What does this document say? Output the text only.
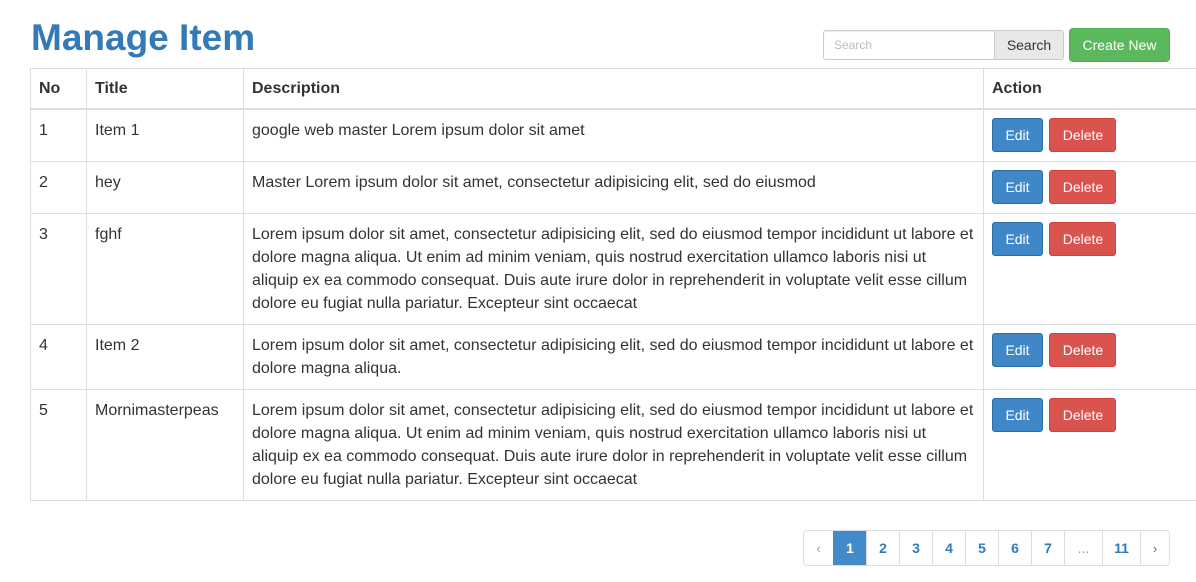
Manage Item
Search	Search	Create New
No	Title	Description	Action
1	Item 1	google web master Lorem ipsum dolor sit amet	Edit Delete
2	hey	Master Lorem ipsum dolor sit amet, consectetur adipisicing elit, sed do eiusmod	Edit Delete
3	fghf	Lorem ipsum dolor sit amet, consectetur adipisicing elit, sed do eiusmod tempor incididunt ut labore et dolore magna aliqua. Ut enim ad minim veniam, quis nostrud exercitation ullamco laboris nisi ut aliquip ex ea commodo consequat. Duis aute irure dolor in reprehenderit in voluptate velit esse cillum dolore eu fugiat nulla pariatur. Excepteur sint occaecat	Edit Delete
4	Item 2	Lorem ipsum dolor sit amet, consectetur adipisicing elit, sed do eiusmod tempor incididunt ut labore et dolore magna aliqua.	Edit Delete
5	Mornimasterpeas	Lorem ipsum dolor sit amet, consectetur adipisicing elit, sed do eiusmod tempor incididunt ut labore et dolore magna aliqua. Ut enim ad minim veniam, quis nostrud exercitation ullamco laboris nisi ut aliquip ex ea commodo consequat. Duis aute irure dolor in reprehenderit in voluptate velit esse cillum dolore eu fugiat nulla pariatur. Excepteur sint occaecat	Edit Delete
‹	1	2	3	4	5	6	7	...	11	›
